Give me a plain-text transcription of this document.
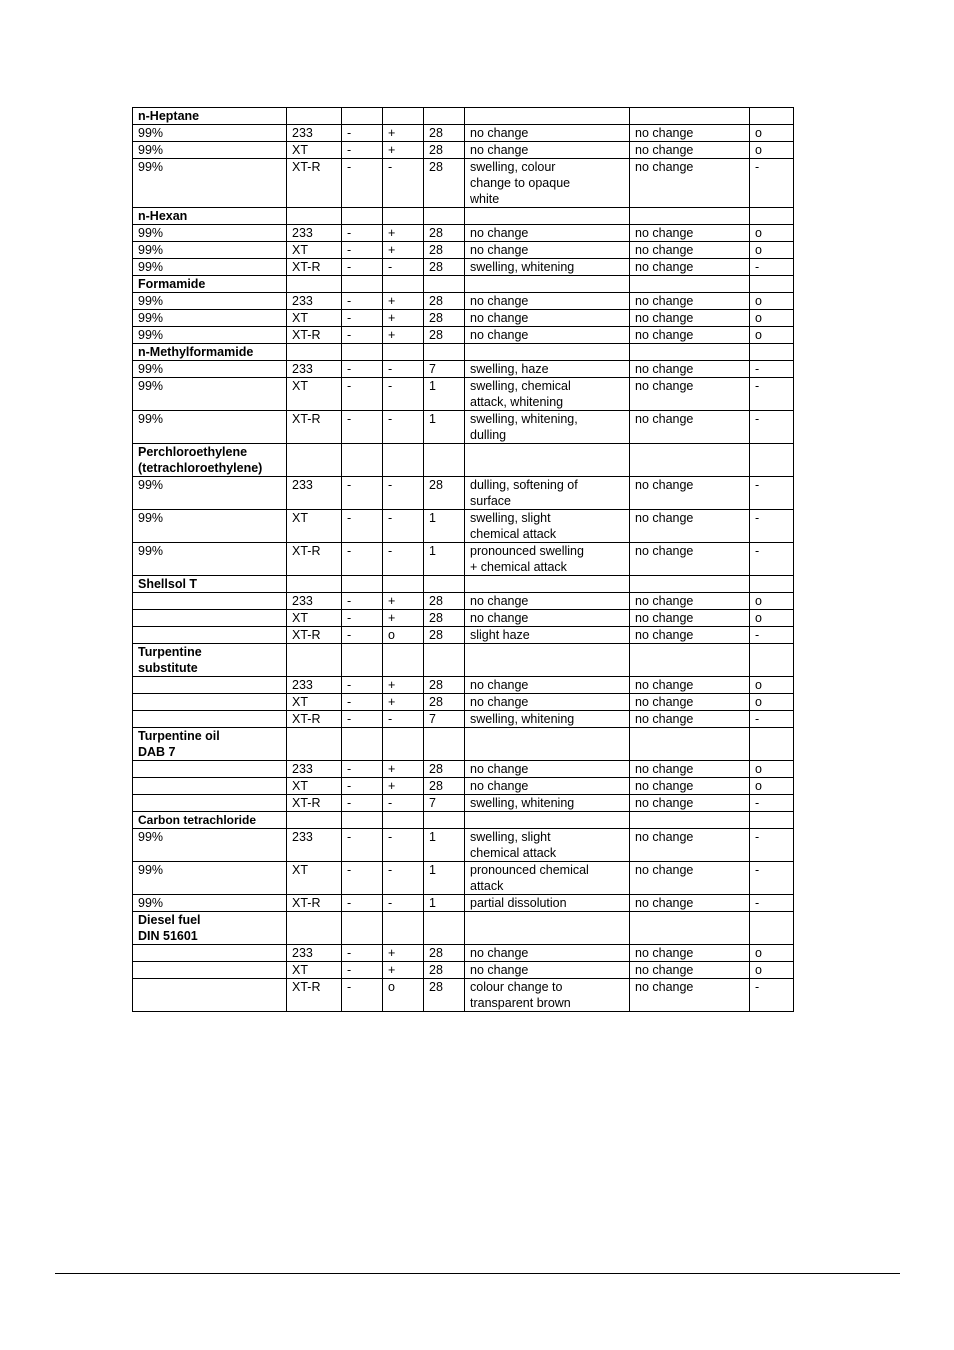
n-Heptane							

99%	233	-	+	28	no change	no change	o
99%	XT	-	+	28	no change	no change	o
99%	XT-R	-	-	28	swelling, colour
change to opaque
white	no change	-

n-Hexan							

99%	233	-	+	28	no change	no change	o
99%	XT	-	+	28	no change	no change	o
99%	XT-R	-	-	28	swelling, whitening	no change	-

Formamide							

99%	233	-	+	28	no change	no change	o
99%	XT	-	+	28	no change	no change	o
99%	XT-R	-	+	28	no change	no change	o

n-Methylformamide							

99%	233	-	-	7	swelling, haze	no change	-
99%	XT	-	-	1	swelling, chemical
attack, whitening	no change	-
99%	XT-R	-	-	1	swelling, whitening,
dulling	no change	-

Perchloroethylene
(tetrachloroethylene)							

99%	233	-	-	28	dulling, softening of
surface	no change	-
99%	XT	-	-	1	swelling, slight
chemical attack	no change	-
99%	XT-R	-	-	1	pronounced swelling
+ chemical attack	no change	-

Shellsol T							

	233	-	+	28	no change	no change	o
	XT	-	+	28	no change	no change	o
	XT-R	-	o	28	slight haze	no change	-

Turpentine
substitute							

	233	-	+	28	no change	no change	o
	XT	-	+	28	no change	no change	o
	XT-R	-	-	7	swelling, whitening	no change	-

Turpentine oil
DAB 7							

	233	-	+	28	no change	no change	o
	XT	-	+	28	no change	no change	o
	XT-R	-	-	7	swelling, whitening	no change	-

Carbon tetrachloride							

99%	233	-	-	1	swelling, slight
chemical attack	no change	-
99%	XT	-	-	1	pronounced chemical
attack	no change	-
99%	XT-R	-	-	1	partial dissolution	no change	-

Diesel fuel
DIN 51601							

	233	-	+	28	no change	no change	o
	XT	-	+	28	no change	no change	o
	XT-R	-	o	28	colour change to
transparent brown	no change	-
